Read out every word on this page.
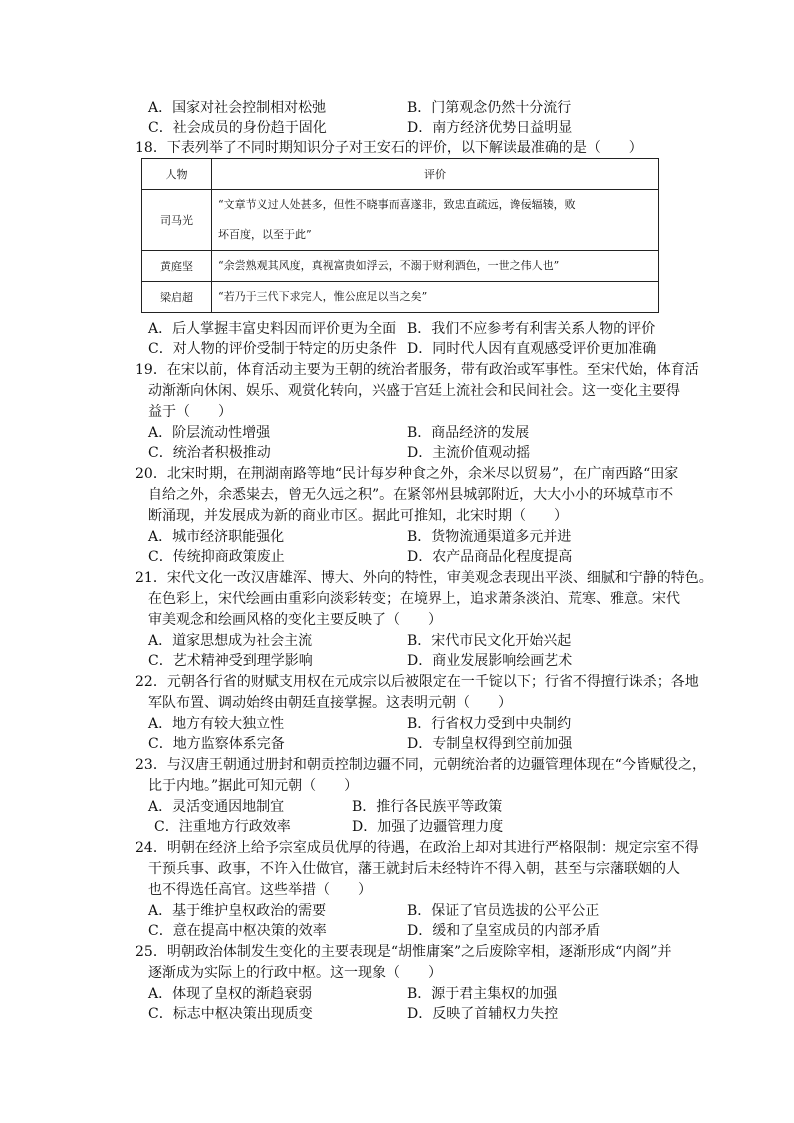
A．国家对社会控制相对松弛	B．门第观念仍然十分流行
C．社会成员的身份趋于固化	D．南方经济优势日益明显
18．下表列举了不同时期知识分子对王安石的评价，以下解读最准确的是（　　）
人物	评价
司马光	“文章节义过人处甚多，但性不晓事而喜遂非，致忠直疏远，谗佞辐辏，败
坏百度，以至于此”

黄庭坚	“余尝熟观其风度，真视富贵如浮云，不溺于财利酒色，一世之伟人也”
梁启超	“若乃于三代下求完人，惟公庶足以当之矣”
A．后人掌握丰富史料因而评价更为全面 B．我们不应参考有利害关系人物的评价
C．对人物的评价受制于特定的历史条件 D．同时代人因有直观感受评价更加准确
19．在宋以前，体育活动主要为王朝的统治者服务，带有政治或军事性。至宋代始，体育活
动渐渐向休闲、娱乐、观赏化转向，兴盛于宫廷上流社会和民间社会。这一变化主要得
益于（　　）
A．阶层流动性增强	B．商品经济的发展
C．统治者积极推动	D．主流价值观动摇
20．北宋时期，在荆湖南路等地“民计每岁种食之外，余米尽以贸易”，在广南西路“田家
自给之外，余悉粜去，曾无久远之积”。在紧邻州县城郭附近，大大小小的环城草市不
断涌现，并发展成为新的商业市区。据此可推知，北宋时期（　　）
A．城市经济职能强化	B．货物流通渠道多元并进
C．传统抑商政策废止	D．农产品商品化程度提高
21．宋代文化一改汉唐雄浑、博大、外向的特性，审美观念表现出平淡、细腻和宁静的特色。
在色彩上，宋代绘画由重彩向淡彩转变；在境界上，追求萧条淡泊、荒寒、雅意。宋代
审美观念和绘画风格的变化主要反映了（　　）
A．道家思想成为社会主流	B．宋代市民文化开始兴起
C．艺术精神受到理学影响	D．商业发展影响绘画艺术
22．元朝各行省的财赋支用权在元成宗以后被限定在一千锭以下；行省不得擅行诛杀；各地
军队布置、调动始终由朝廷直接掌握。这表明元朝（　　）
A．地方有较大独立性	B．行省权力受到中央制约
C．地方监察体系完备	D．专制皇权得到空前加强
23．与汉唐王朝通过册封和朝贡控制边疆不同，元朝统治者的边疆管理体现在“今皆赋役之，
比于内地。”据此可知元朝（　　）
A．灵活变通因地制宜	B．推行各民族平等政策
C．注重地方行政效率	D．加强了边疆管理力度
24．明朝在经济上给予宗室成员优厚的待遇，在政治上却对其进行严格限制：规定宗室不得
干预兵事、政事，不许入仕做官，藩王就封后未经特许不得入朝，甚至与宗藩联姻的人
也不得选任高官。这些举措（　　）
A．基于维护皇权政治的需要	B．保证了官员选拔的公平公正
C．意在提高中枢决策的效率	D．缓和了皇室成员的内部矛盾
25．明朝政治体制发生变化的主要表现是“胡惟庸案”之后废除宰相，逐渐形成“内阁”并
逐渐成为实际上的行政中枢。这一现象（　　）
A．体现了皇权的渐趋衰弱	B．源于君主集权的加强
C．标志中枢决策出现质变	D．反映了首辅权力失控
